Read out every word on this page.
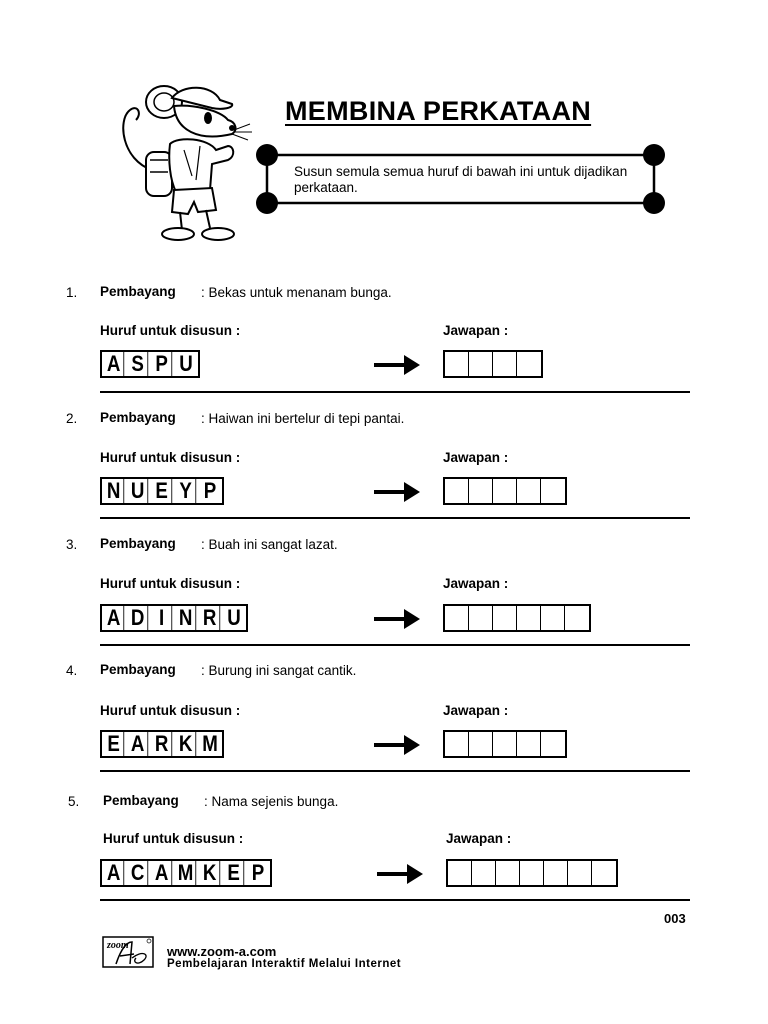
MEMBINA PERKATAAN
Susun semula semua huruf di bawah ini untuk dijadikan perkataan.
1. Pembayang : Bekas untuk menanam bunga.
Huruf untuk disusun :	Jawapan :
A S P U
2. Pembayang : Haiwan ini bertelur di tepi pantai.
Huruf untuk disusun :	Jawapan :
N U E Y P
3. Pembayang : Buah ini sangat lazat.
Huruf untuk disusun :	Jawapan :
A D I N R U
4. Pembayang : Burung ini sangat cantik.
Huruf untuk disusun :	Jawapan :
E A R K M
5. Pembayang : Nama sejenis bunga.
Huruf untuk disusun :	Jawapan :
A C A M K E P
003
zoom	www.zoom-a.com
Pembelajaran Interaktif Melalui Internet
